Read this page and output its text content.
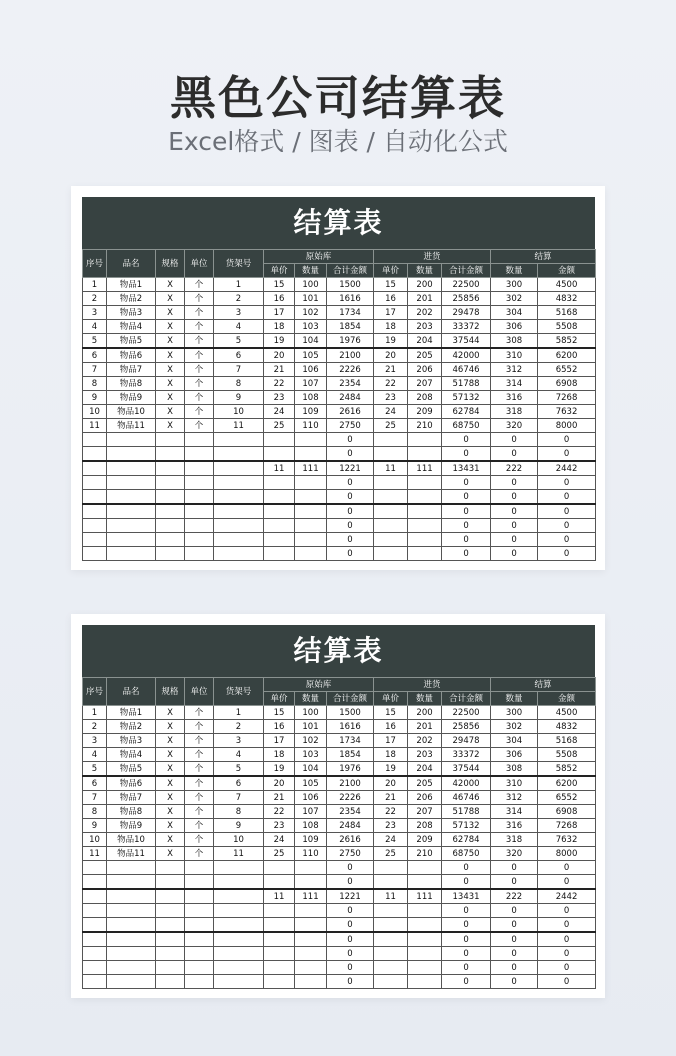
黑色公司结算表
Excel格式 / 图表 / 自动化公式
结算表
序号	品名	规格	单位	货架号	原始库			进货			结算	
					单价	数量	合计金额	单价	数量	合计金额	数量	金额
1	物品1	X	个	1	15	100	1500	15	200	22500	300	4500
2	物品2	X	个	2	16	101	1616	16	201	25856	302	4832
3	物品3	X	个	3	17	102	1734	17	202	29478	304	5168
4	物品4	X	个	4	18	103	1854	18	203	33372	306	5508
5	物品5	X	个	5	19	104	1976	19	204	37544	308	5852
6	物品6	X	个	6	20	105	2100	20	205	42000	310	6200
7	物品7	X	个	7	21	106	2226	21	206	46746	312	6552
8	物品8	X	个	8	22	107	2354	22	207	51788	314	6908
9	物品9	X	个	9	23	108	2484	23	208	57132	316	7268
10	物品10	X	个	10	24	109	2616	24	209	62784	318	7632
11	物品11	X	个	11	25	110	2750	25	210	68750	320	8000
							0			0	0	0
							0			0	0	0
					11	111	1221	11	111	13431	222	2442
							0			0	0	0
							0			0	0	0
							0			0	0	0
							0			0	0	0
							0			0	0	0
							0			0	0	0
结算表
序号	品名	规格	单位	货架号	原始库			进货			结算	
					单价	数量	合计金额	单价	数量	合计金额	数量	金额
1	物品1	X	个	1	15	100	1500	15	200	22500	300	4500
2	物品2	X	个	2	16	101	1616	16	201	25856	302	4832
3	物品3	X	个	3	17	102	1734	17	202	29478	304	5168
4	物品4	X	个	4	18	103	1854	18	203	33372	306	5508
5	物品5	X	个	5	19	104	1976	19	204	37544	308	5852
6	物品6	X	个	6	20	105	2100	20	205	42000	310	6200
7	物品7	X	个	7	21	106	2226	21	206	46746	312	6552
8	物品8	X	个	8	22	107	2354	22	207	51788	314	6908
9	物品9	X	个	9	23	108	2484	23	208	57132	316	7268
10	物品10	X	个	10	24	109	2616	24	209	62784	318	7632
11	物品11	X	个	11	25	110	2750	25	210	68750	320	8000
							0			0	0	0
							0			0	0	0
					11	111	1221	11	111	13431	222	2442
							0			0	0	0
							0			0	0	0
							0			0	0	0
							0			0	0	0
							0			0	0	0
							0			0	0	0
